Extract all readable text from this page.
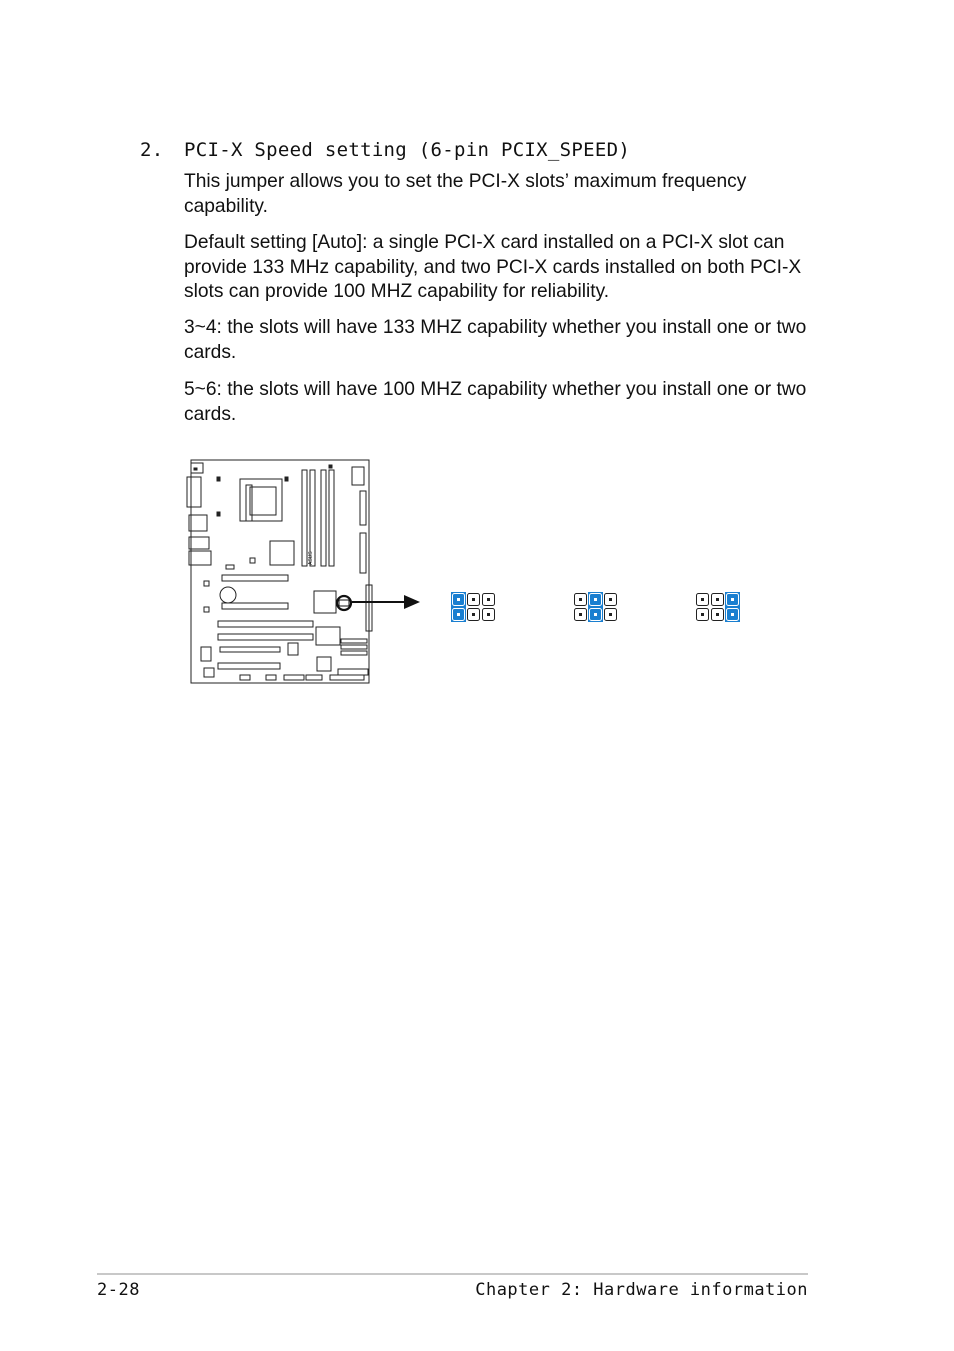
2. PCI-X Speed setting (6-pin PCIX_SPEED)

This jumper allows you to set the PCI-X slots’ maximum frequency capability.

Default setting [Auto]: a single PCI-X card installed on a PCI-X slot can provide 133 MHz capability, and two PCI-X cards installed on both PCI-X slots can provide 100 MHZ capability for reliability.

3~4: the slots will have 133 MHZ capability whether you install one or two cards.

5~6: the slots will have 100 MHZ capability whether you install one or two cards.

ASUS
2-28	Chapter 2: Hardware information
